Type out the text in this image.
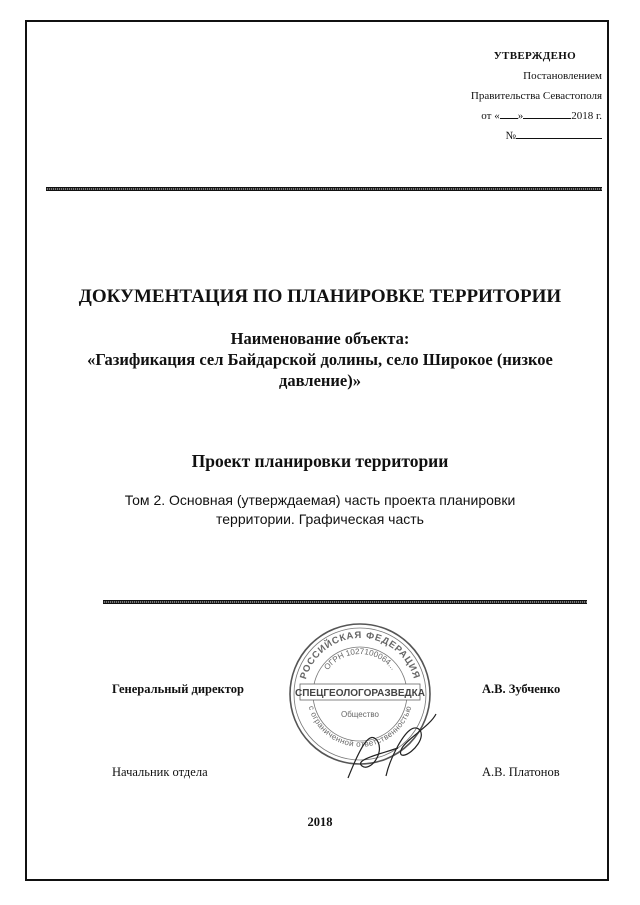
УТВЕРЖДЕНО
Постановлением
Правительства Севастополя
от « »	2018 г.
№
ДОКУМЕНТАЦИЯ ПО ПЛАНИРОВКЕ ТЕРРИТОРИИ
Наименование объекта:
«Газификация сел Байдарской долины, село Широкое (низкое
давление)»
Проект планировки территории
Том 2. Основная (утверждаемая) часть проекта планировки
территории. Графическая часть
РОССИЙСКАЯ ФЕДЕРАЦИЯ
ОГРН 1027100064...
СПЕЦГЕОЛОГОРАЗВЕДКА
Общество
с ограниченной ответственностью
Генеральный директор	А.В. Зубченко
Начальник отдела	А.В. Платонов
2018
